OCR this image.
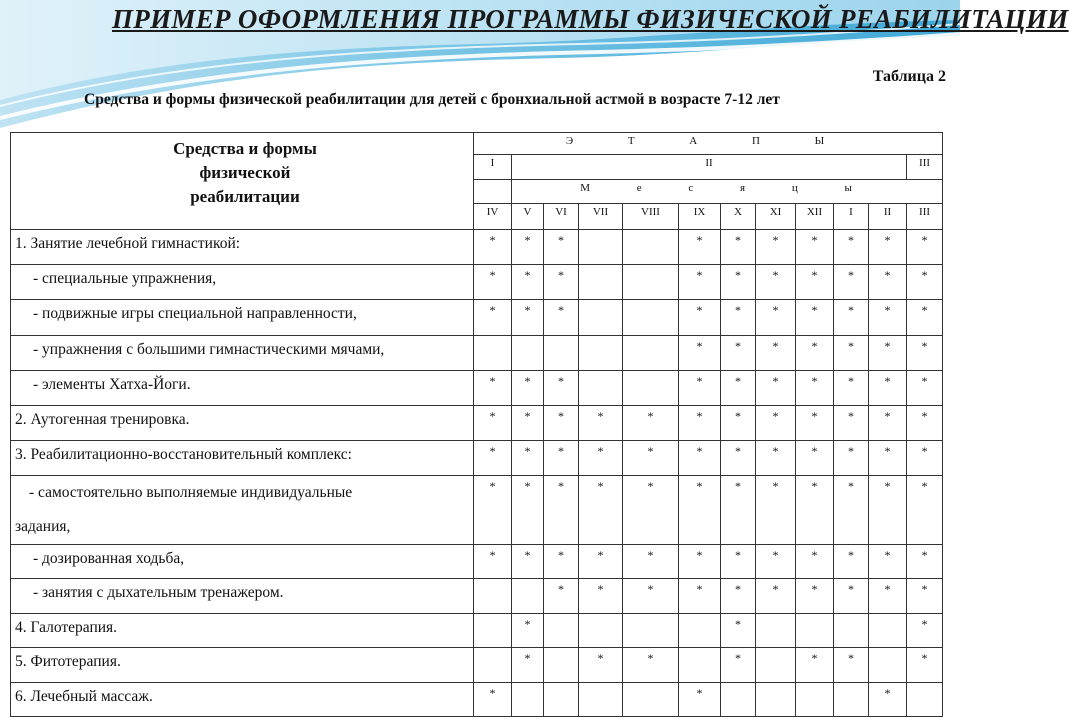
ПРИМЕР ОФОРМЛЕНИЯ ПРОГРАММЫ ФИЗИЧЕСКОЙ РЕАБИЛИТАЦИИ
Таблица 2
Средства и формы физической реабилитации для детей с бронхиальной астмой в возрасте 7-12 лет
Средства и формы
физической
реабилитации	Э Т А П Ы											
	I	II										III
		М е с я ц ы										
	IV	V	VI	VII	VIII	IX	X	XI	XII	I	II	III
1. Занятие лечебной гимнастикой:	*	*	*			*	*	*	*	*	*	*
- специальные упражнения,	*	*	*			*	*	*	*	*	*	*
- подвижные игры специальной направленности,	*	*	*			*	*	*	*	*	*	*
- упражнения с большими гимнастическими мячами,						*	*	*	*	*	*	*
- элементы Хатха-Йоги.	*	*	*			*	*	*	*	*	*	*
2. Аутогенная тренировка.	*	*	*	*	*	*	*	*	*	*	*	*
3. Реабилитационно-восстановительный комплекс:	*	*	*	*	*	*	*	*	*	*	*	*

- самостоятельно выполняемые индивидуальные
задания,	*	*	*	*	*	*	*	*	*	*	*	*
- дозированная ходьба,	*	*	*	*	*	*	*	*	*	*	*	*
- занятия с дыхательным тренажером.			*	*	*	*	*	*	*	*	*	*
4. Галотерапия.		*					*					*
5. Фитотерапия.		*		*	*		*		*	*		*
6. Лечебный массаж.	*					*					*	
